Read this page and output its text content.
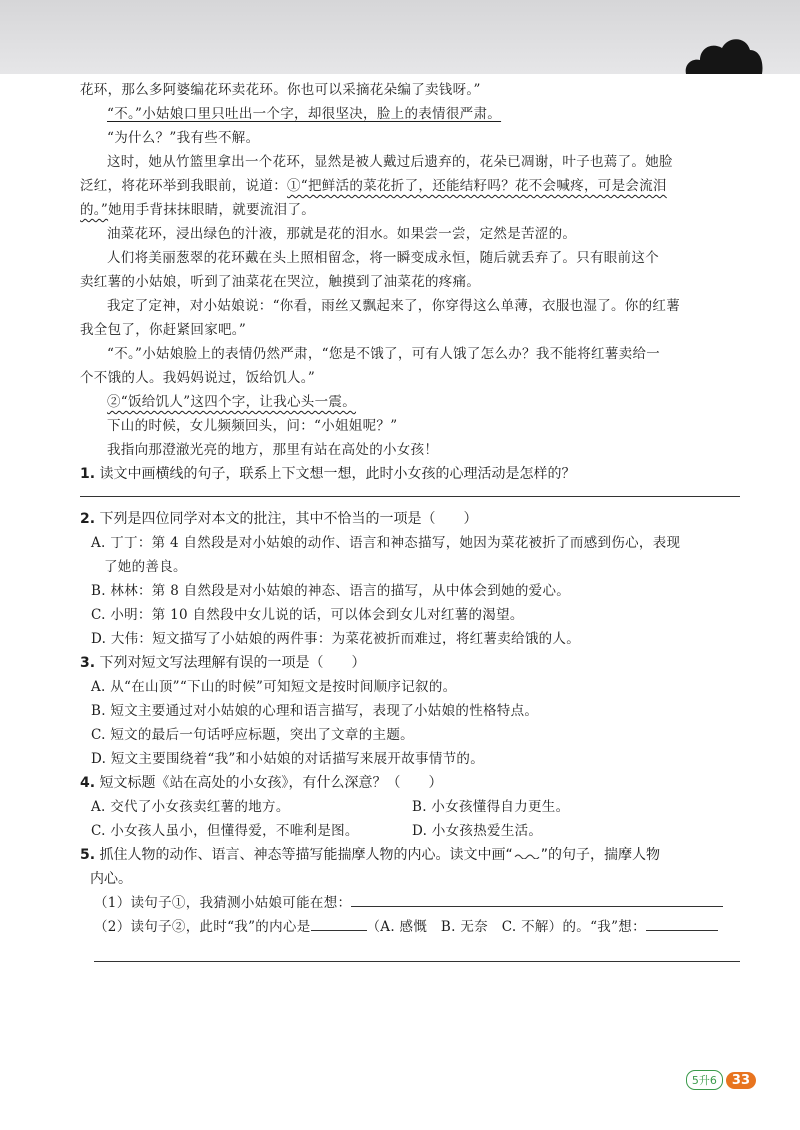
花环，那么多阿婆编花环卖花环。你也可以采摘花朵编了卖钱呀。”

“不。”小姑娘口里只吐出一个字，却很坚决，脸上的表情很严肃。

“为什么？”我有些不解。

这时，她从竹篮里拿出一个花环，显然是被人戴过后遗弃的，花朵已凋谢，叶子也蔫了。她脸

泛红，将花环举到我眼前，说道：①“把鲜活的菜花折了，还能结籽吗？花不会喊疼，可是会流泪

的。”她用手背抹抹眼睛，就要流泪了。

油菜花环，浸出绿色的汁液，那就是花的泪水。如果尝一尝，定然是苦涩的。

人们将美丽葱翠的花环戴在头上照相留念，将一瞬变成永恒，随后就丢弃了。只有眼前这个

卖红薯的小姑娘，听到了油菜花在哭泣，触摸到了油菜花的疼痛。

我定了定神，对小姑娘说：“你看，雨丝又飘起来了，你穿得这么单薄，衣服也湿了。你的红薯

我全包了，你赶紧回家吧。”

“不。”小姑娘脸上的表情仍然严肃，“您是不饿了，可有人饿了怎么办？我不能将红薯卖给一

个不饿的人。我妈妈说过，饭给饥人。”

②“饭给饥人”这四个字，让我心头一震。

下山的时候，女儿频频回头，问：“小姐姐呢？”

我指向那澄澈光亮的地方，那里有站在高处的小女孩！

1. 读文中画横线的句子，联系上下文想一想，此时小女孩的心理活动是怎样的？

2. 下列是四位同学对本文的批注，其中不恰当的一项是（　　）

A. 丁丁：第 4 自然段是对小姑娘的动作、语言和神态描写，她因为菜花被折了而感到伤心，表现

了她的善良。

B. 林林：第 8 自然段是对小姑娘的神态、语言的描写，从中体会到她的爱心。

C. 小明：第 10 自然段中女儿说的话，可以体会到女儿对红薯的渴望。

D. 大伟：短文描写了小姑娘的两件事：为菜花被折而难过，将红薯卖给饿的人。

3. 下列对短文写法理解有误的一项是（　　）

A. 从“在山顶”“下山的时候”可知短文是按时间顺序记叙的。

B. 短文主要通过对小姑娘的心理和语言描写，表现了小姑娘的性格特点。

C. 短文的最后一句话呼应标题，突出了文章的主题。

D. 短文主要围绕着“我”和小姑娘的对话描写来展开故事情节的。

4. 短文标题《站在高处的小女孩》，有什么深意？（　　）

A. 交代了小女孩卖红薯的地方。	B. 小女孩懂得自力更生。

C. 小女孩人虽小，但懂得爱，不唯利是图。	D. 小女孩热爱生活。

5. 抓住人物的动作、语言、神态等描写能揣摩人物的内心。读文中画“ ”的句子，揣摩人物

内心。

（1）读句子①，我猜测小姑娘可能在想：

（2）读句子②，此时“我”的内心是	（A. 感慨　B. 无奈　C. 不解）的。“我”想：

5升6	33
